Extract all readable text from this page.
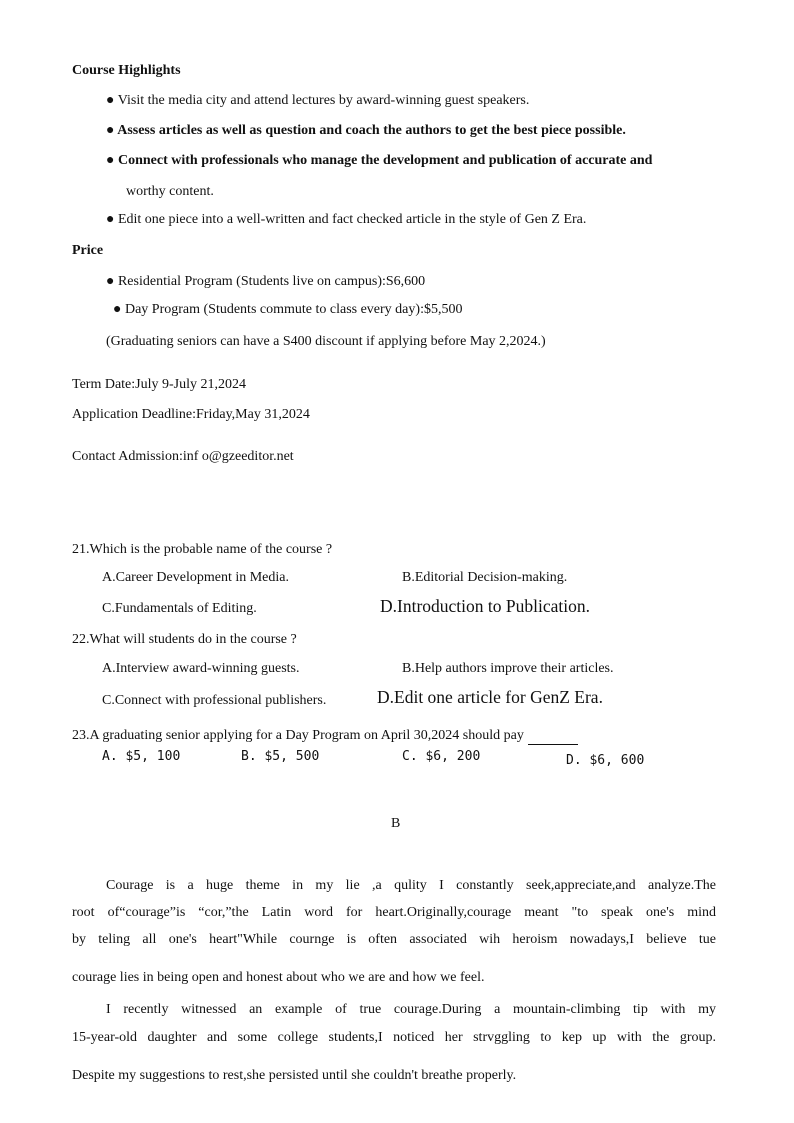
Course Highlights
● Visit the media city and attend lectures by award-winning guest speakers.
● Assess articles as well as question and coach the authors to get the best piece possible.
● Connect with professionals who manage the development and publication of accurate and
worthy content.
● Edit one piece into a well-written and fact checked article in the style of Gen Z Era.
Price
● Residential Program (Students live on campus):S6,600
● Day Program (Students commute to class every day):$5,500
(Graduating seniors can have a S400 discount if applying before May 2,2024.)
Term Date:July 9-July 21,2024
Application Deadline:Friday,May 31,2024
Contact Admission:inf o@gzeeditor.net
21.Which is the probable name of the course ?
A.Career Development in Media.	B.Editorial Decision-making.
C.Fundamentals of Editing.	D.Introduction to Publication.
22.What will students do in the course ?
A.Interview award-winning guests.	B.Help authors improve their articles.
C.Connect with professional publishers.	D.Edit one article for GenZ Era.
23.A graduating senior applying for a Day Program on April 30,2024 should pay
A. $5, 100	B. $5, 500	C. $6, 200	D. $6, 600
B
Courage is a huge theme in my lie ,a qulity I constantly seek,appreciate,and analyze.The
root of“courage”is “cor,”the Latin word for heart.Originally,courage meant "to speak one's mind
by teling all one's heart"While cournge is often associated wih heroism nowadays,I believe tue
courage lies in being open and honest about who we are and how we feel.
I recently witnessed an example of true courage.During a mountain-climbing tip with my
15-year-old daughter and some college students,I noticed her strvggling to kep up with the group.
Despite my suggestions to rest,she persisted until she couldn't breathe properly.
